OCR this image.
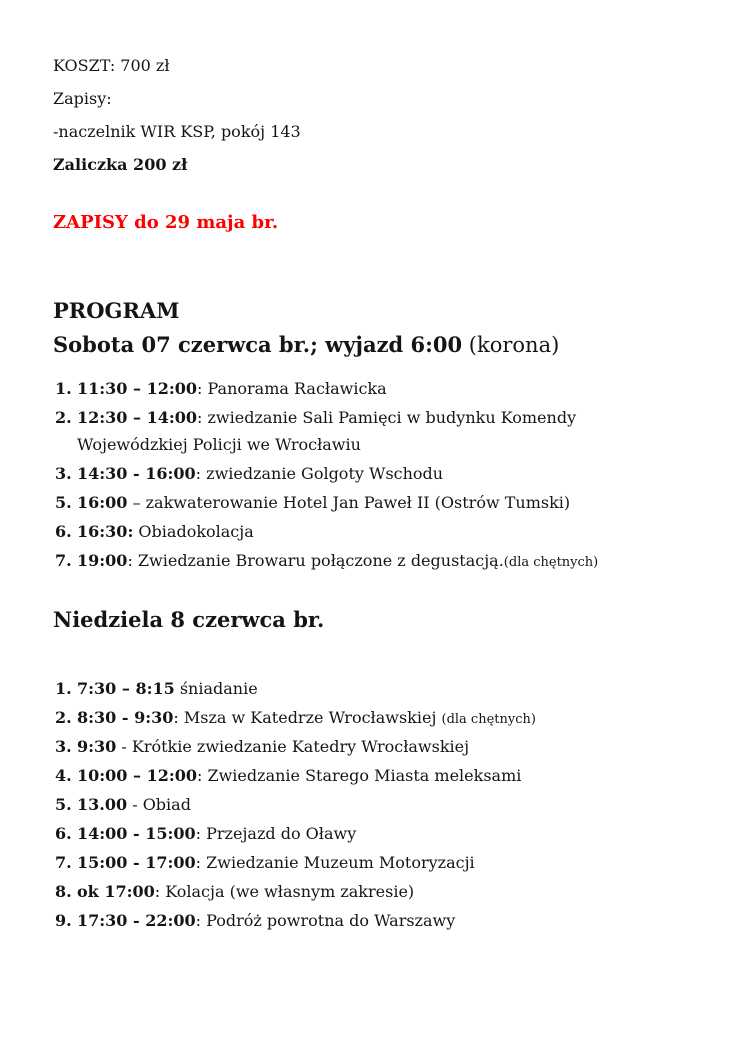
KOSZT: 700 zł

Zapisy:

-naczelnik WIR KSP, pokój 143

Zaliczka 200 zł

ZAPISY do 29 maja br.

PROGRAM
Sobota 07 czerwca br.; wyjazd 6:00 (korona)
1. 11:30 – 12:00: Panorama Racławicka
2. 12:30 – 14:00: zwiedzanie Sali Pamięci w budynku Komendy Wojewódzkiej Policji we Wrocławiu
3. 14:30 - 16:00: zwiedzanie Golgoty Wschodu
5. 16:00 – zakwaterowanie Hotel Jan Paweł II (Ostrów Tumski)
6. 16:30: Obiadokolacja
7. 19:00: Zwiedzanie Browaru połączone z degustacją.(dla chętnych)
Niedziela 8 czerwca br.
1. 7:30 – 8:15 śniadanie
2. 8:30 - 9:30: Msza w Katedrze Wrocławskiej (dla chętnych)
3. 9:30 - Krótkie zwiedzanie Katedry Wrocławskiej
4. 10:00 – 12:00: Zwiedzanie Starego Miasta meleksami
5. 13.00 - Obiad
6. 14:00 - 15:00: Przejazd do Oławy
7. 15:00 - 17:00: Zwiedzanie Muzeum Motoryzacji
8. ok 17:00: Kolacja (we własnym zakresie)
9. 17:30 - 22:00: Podróż powrotna do Warszawy
